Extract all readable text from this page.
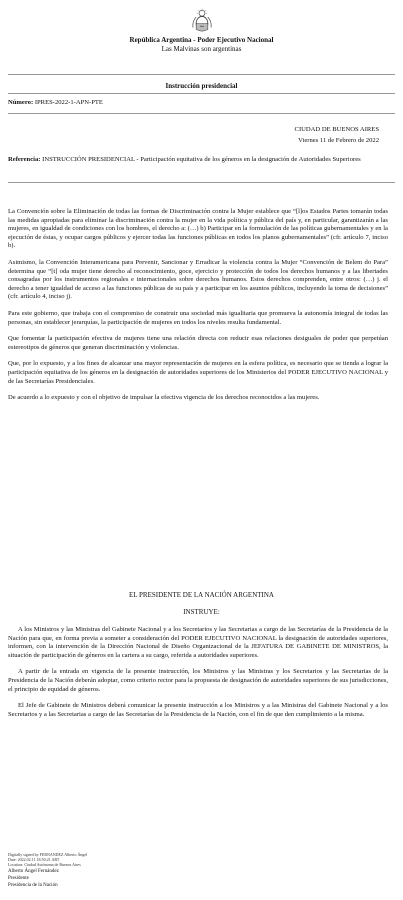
República Argentina - Poder Ejecutivo Nacional
Las Malvinas son argentinas
Instrucción presidencial
Número: IPRES-2022-1-APN-PTE
CIUDAD DE BUENOS AIRES
Viernes 11 de Febrero de 2022
Referencia: INSTRUCCIÓN PRESIDENCIAL - Participación equitativa de los géneros en la designación de Autoridades Superiores

La Convención sobre la Eliminación de todas las formas de Discriminación contra la Mujer establece que “[l]os Estados Partes tomarán todas las medidas apropiadas para eliminar la discriminación contra la mujer en la vida política y pública del país y, en particular, garantizarán a las mujeres, en igualdad de condiciones con los hombres, el derecho a: (…) b) Participar en la formulación de las políticas gubernamentales y en la ejecución de éstas, y ocupar cargos públicos y ejercer todas las funciones públicas en todos los planos gubernamentales” (cfr. artículo 7, inciso b).

Asimismo, la Convención Interamericana para Prevenir, Sancionar y Erradicar la violencia contra la Mujer “Convención de Belem do Para” determina que “[t] oda mujer tiene derecho al reconocimiento, goce, ejercicio y protección de todos los derechos humanos y a las libertades consagradas por los instrumentos regionales e internacionales sobre derechos humanos. Estos derechos comprenden, entre otros: (…) j. el derecho a tener igualdad de acceso a las funciones públicas de su país y a participar en los asuntos públicos, incluyendo la toma de decisiones” (cfr. artículo 4, inciso j).

Para este gobierno, que trabaja con el compromiso de construir una sociedad más igualitaria que promueva la autonomía integral de todas las personas, sin establecer jerarquías, la participación de mujeres en todos los niveles resulta fundamental.

Que fomentar la participación efectiva de mujeres tiene una relación directa con reducir esas relaciones desiguales de poder que perpetúan estereotipos de géneros que generan discriminación y violencias.

Que, por lo expuesto, y a los fines de alcanzar una mayor representación de mujeres en la esfera política, es necesario que se tienda a lograr la participación equitativa de los géneros en la designación de autoridades superiores de los Ministerios del PODER EJECUTIVO NACIONAL y de las Secretarías Presidenciales.

De acuerdo a lo expuesto y con el objetivo de impulsar la efectiva vigencia de los derechos reconocidos a las mujeres.

EL PRESIDENTE DE LA NACIÓN ARGENTINA
INSTRUYE:

A los Ministros y las Ministras del Gabinete Nacional y a los Secretarios y las Secretarias a cargo de las Secretarías de la Presidencia de la Nación para que, en forma previa a someter a consideración del PODER EJECUTIVO NACIONAL la designación de autoridades superiores, informen, con la intervención de la Dirección Nacional de Diseño Organizacional de la JEFATURA DE GABINETE DE MINISTROS, la situación de participación de géneros en la cartera a su cargo, referida a autoridades superiores.

A partir de la entrada en vigencia de la presente instrucción, los Ministros y las Ministras y los Secretarios y las Secretarias de la Presidencia de la Nación deberán adoptar, como criterio rector para la propuesta de designación de autoridades superiores de sus jurisdicciones, el principio de equidad de géneros.

El Jefe de Gabinete de Ministros deberá comunicar la presente instrucción a los Ministros y a las Ministras del Gabinete Nacional y a los Secretarios y a las Secretarias a cargo de las Secretarías de la Presidencia de la Nación, con el fin de que den cumplimiento a la misma.

Digitally signed by FERNANDEZ Alberto Ángel
Date: 2022.02.11 18:50:21 ART
Location: Ciudad Autónoma de Buenos Aires
Alberto Ángel Fernández
Presidente
Presidencia de la Nación
